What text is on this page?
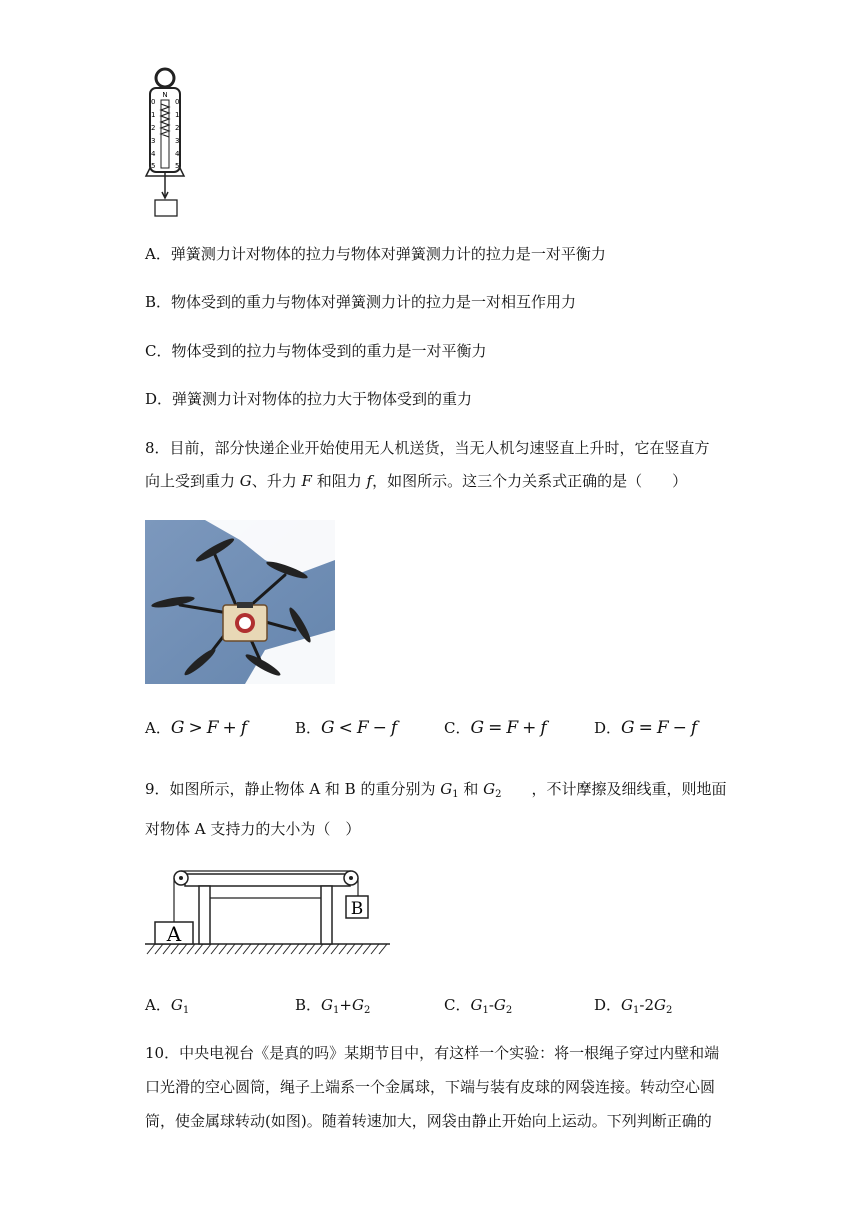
N
0
1
2
3
4
5
0
1
2
3
4
5
A．弹簧测力计对物体的拉力与物体对弹簧测力计的拉力是一对平衡力
B．物体受到的重力与物体对弹簧测力计的拉力是一对相互作用力
C．物体受到的拉力与物体受到的重力是一对平衡力
D．弹簧测力计对物体的拉力大于物体受到的重力
8．目前，部分快递企业开始使用无人机送货，当无人机匀速竖直上升时，它在竖直方
向上受到重力 G、升力 F 和阻力 f，如图所示。这三个力关系式正确的是（　　）
A．G > F + f	B．G < F − f	C．G = F + f	D．G = F − f
9．如图所示，静止物体 A 和 B 的重分别为 $G_1$ 和 $G_2$　　，不计摩擦及细线重，则地面
对物体 A 支持力的大小为（　）
A
B
A．$G_1$	B．$G_1+G_2$	C．$G_1-G_2$	D．$G_1-2G_2$
10．中央电视台《是真的吗》某期节目中，有这样一个实验：将一根绳子穿过内壁和端
口光滑的空心圆筒，绳子上端系一个金属球，下端与装有皮球的网袋连接。转动空心圆
筒，使金属球转动(如图)。随着转速加大，网袋由静止开始向上运动。下列判断正确的
